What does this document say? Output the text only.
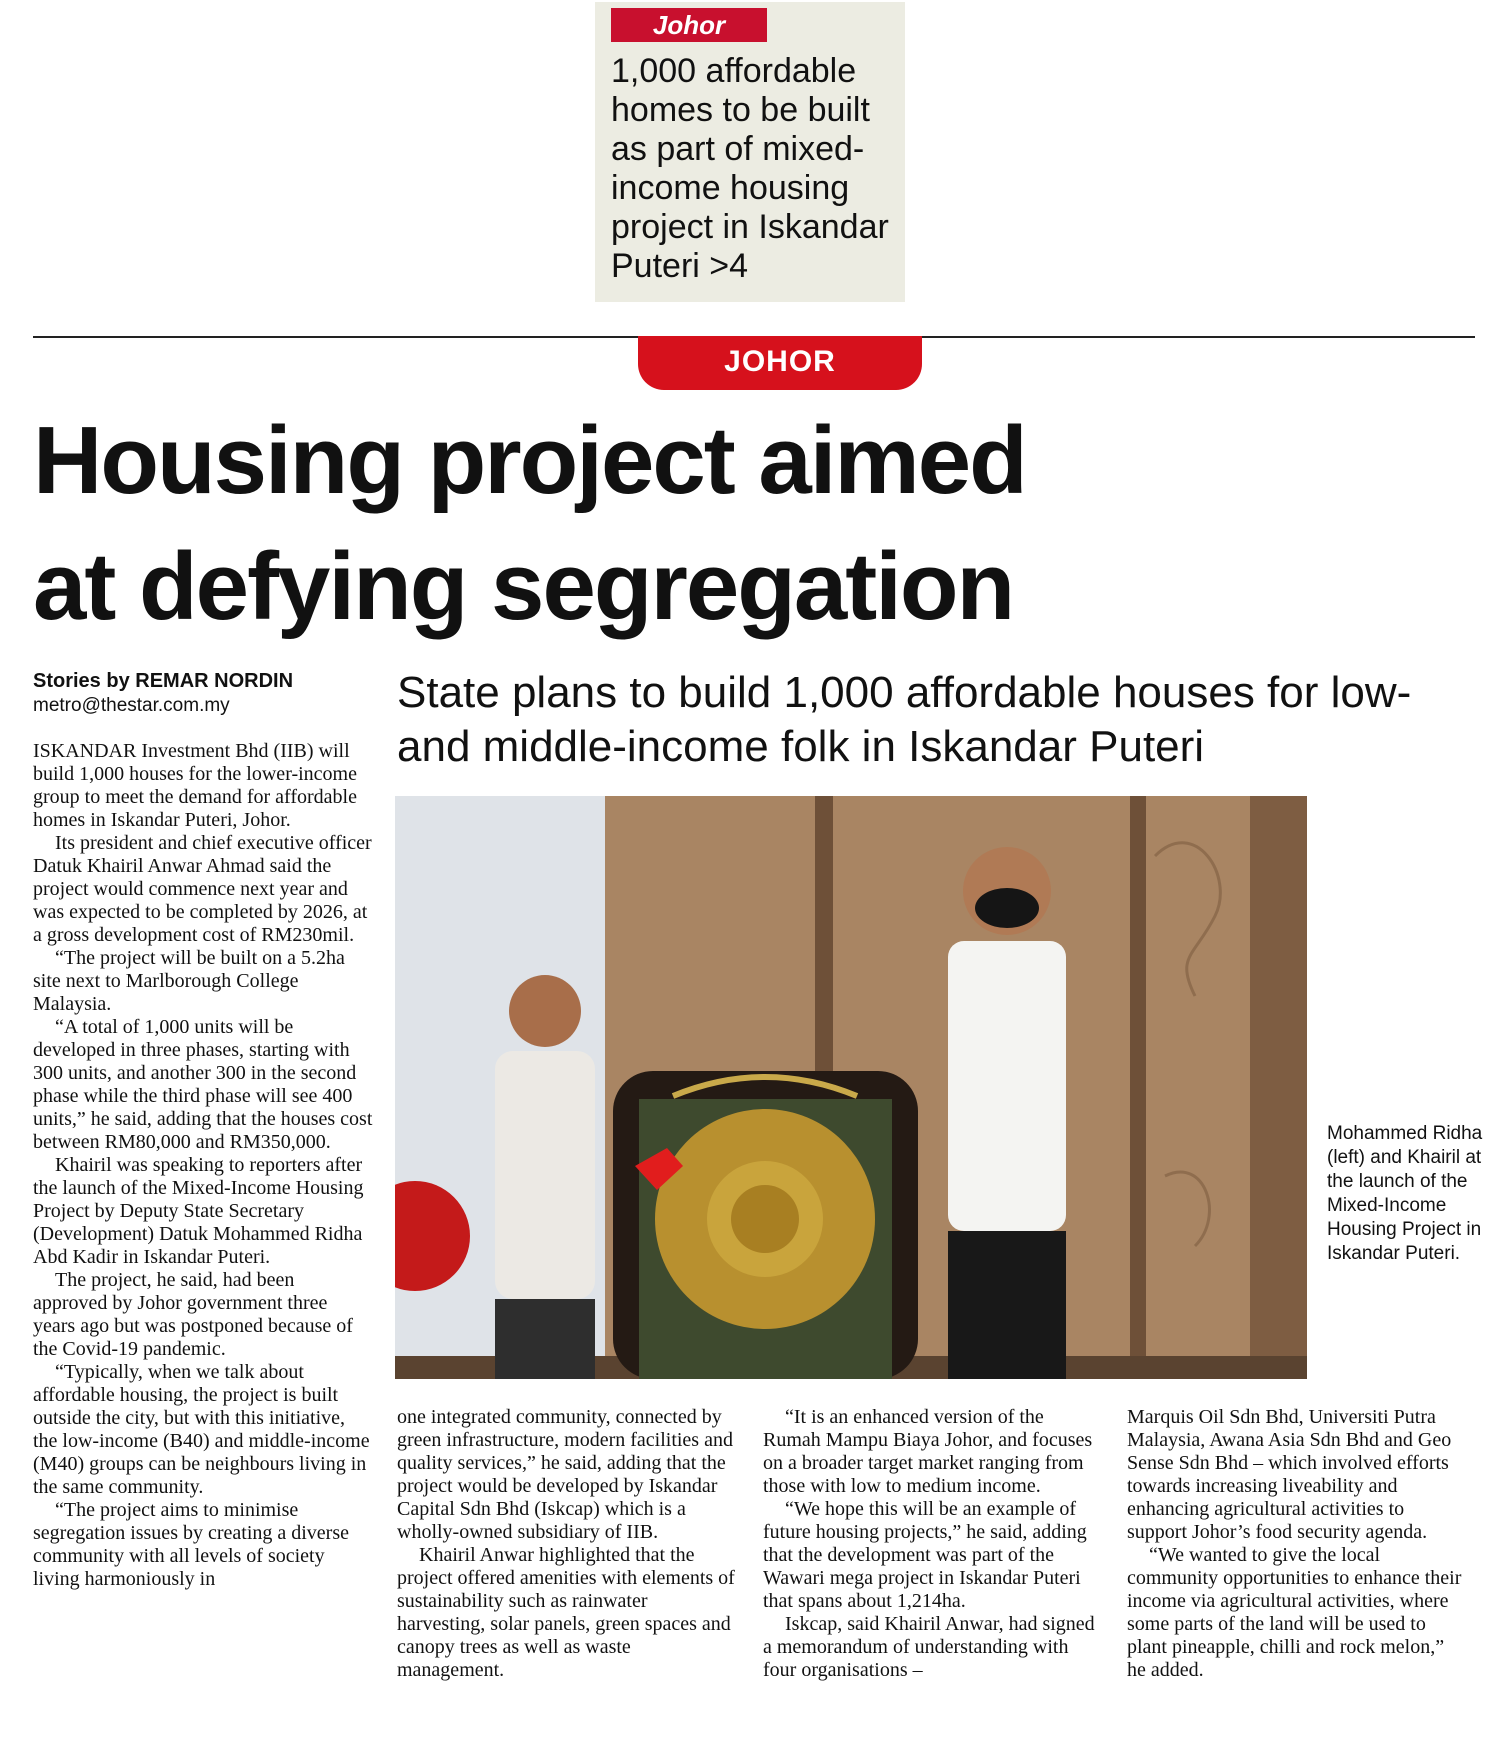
Johor

1,000 affordable homes to be built as part of mixed-income housing project in Iskandar Puteri >4

JOHOR
Housing project aimed
at defying segregation
Stories by REMAR NORDIN
metro@thestar.com.my	State plans to build 1,000 affordable houses for low- and middle-income folk in Iskandar Puteri

Mohammed Ridha (left) and Khairil at the launch of the Mixed-Income Housing Project in Iskandar Puteri.

ISKANDAR Investment Bhd (IIB) will build 1,000 houses for the lower-income group to meet the demand for affordable homes in Iskandar Puteri, Johor.

Its president and chief executive officer Datuk Khairil Anwar Ahmad said the project would commence next year and was expected to be completed by 2026, at a gross development cost of RM230mil.

“The project will be built on a 5.2ha site next to Marlborough College Malaysia.

“A total of 1,000 units will be developed in three phases, starting with 300 units, and another 300 in the second phase while the third phase will see 400 units,” he said, adding that the houses cost between RM80,000 and RM350,000.

Khairil was speaking to reporters after the launch of the Mixed-Income Housing Project by Deputy State Secretary (Development) Datuk Mohammed Ridha Abd Kadir in Iskandar Puteri.

The project, he said, had been approved by Johor government three years ago but was postponed because of the Covid-19 pandemic.

“Typically, when we talk about affordable housing, the project is built outside the city, but with this initiative, the low-income (B40) and middle-income (M40) groups can be neighbours living in the same community.

“The project aims to minimise segregation issues by creating a diverse community with all levels of society living harmoniously in

one integrated community, connected by green infrastructure, modern facilities and quality services,” he said, adding that the project would be developed by Iskandar Capital Sdn Bhd (Iskcap) which is a wholly-owned subsidiary of IIB.

Khairil Anwar highlighted that the project offered amenities with elements of sustainability such as rainwater harvesting, solar panels, green spaces and canopy trees as well as waste management.

“It is an enhanced version of the Rumah Mampu Biaya Johor, and focuses on a broader target market ranging from those with low to medium income.

“We hope this will be an example of future housing projects,” he said, adding that the development was part of the Wawari mega project in Iskandar Puteri that spans about 1,214ha.

Iskcap, said Khairil Anwar, had signed a memorandum of understanding with four organisations –

Marquis Oil Sdn Bhd, Universiti Putra Malaysia, Awana Asia Sdn Bhd and Geo Sense Sdn Bhd – which involved efforts towards increasing liveability and enhancing agricultural activities to support Johor’s food security agenda.

“We wanted to give the local community opportunities to enhance their income via agricultural activities, where some parts of the land will be used to plant pineapple, chilli and rock melon,” he added.
